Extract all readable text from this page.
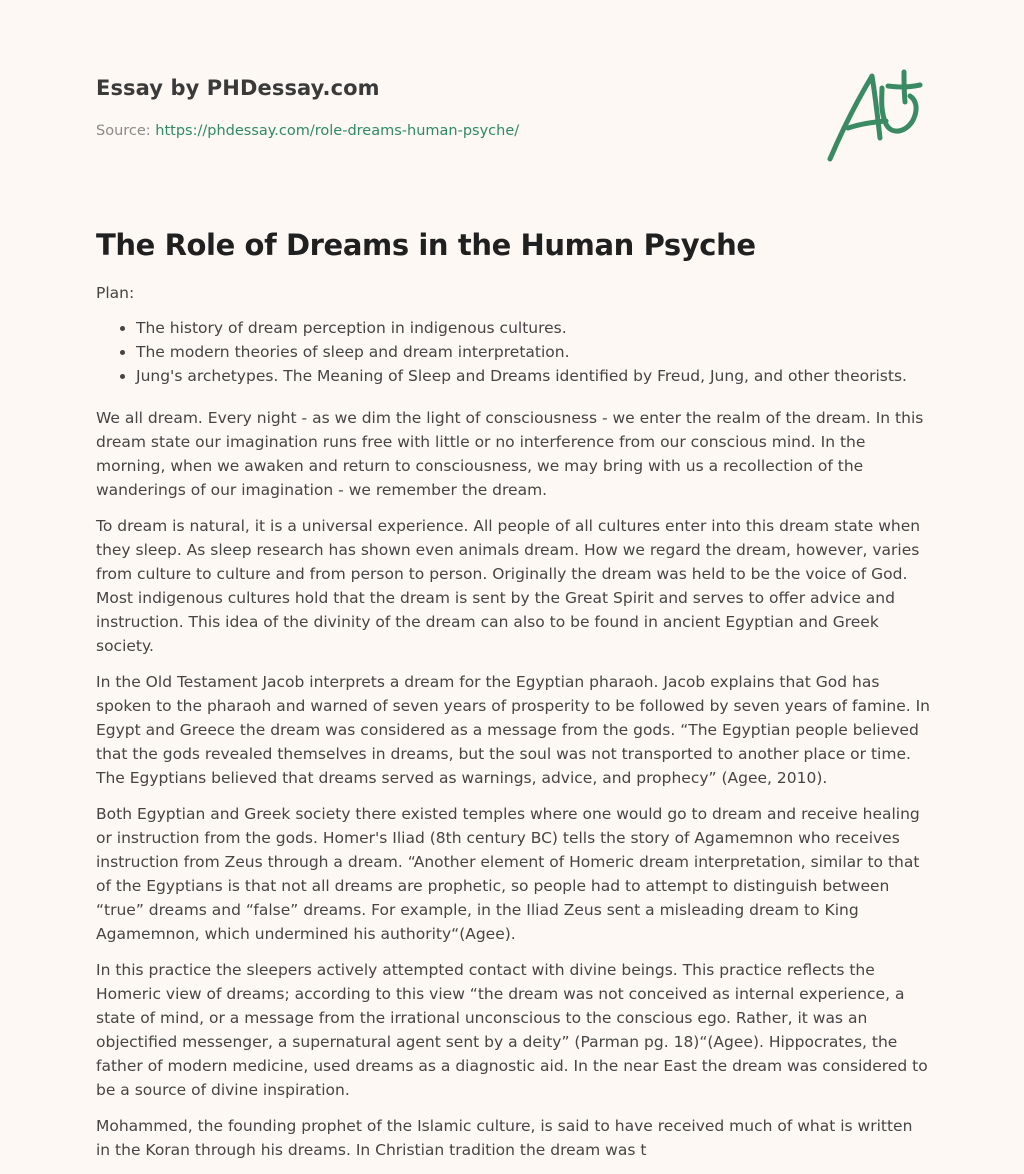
Essay by PHDessay.com
Source: https://phdessay.com/role-dreams-human-psyche/
The Role of Dreams in the Human Psyche
Plan:
• The history of dream perception in indigenous cultures.
• The modern theories of sleep and dream interpretation.
• Jung's archetypes. The Meaning of Sleep and Dreams identified by Freud, Jung, and other theorists.

We all dream. Every night - as we dim the light of consciousness - we enter the realm of the dream. In this dream state our imagination runs free with little or no interference from our conscious mind. In the morning, when we awaken and return to consciousness, we may bring with us a recollection of the wanderings of our imagination - we remember the dream.

To dream is natural, it is a universal experience. All people of all cultures enter into this dream state when they sleep. As sleep research has shown even animals dream. How we regard the dream, however, varies from culture to culture and from person to person. Originally the dream was held to be the voice of God. Most indigenous cultures hold that the dream is sent by the Great Spirit and serves to offer advice and instruction. This idea of the divinity of the dream can also to be found in ancient Egyptian and Greek society.

In the Old Testament Jacob interprets a dream for the Egyptian pharaoh. Jacob explains that God has spoken to the pharaoh and warned of seven years of prosperity to be followed by seven years of famine. In Egypt and Greece the dream was considered as a message from the gods. “The Egyptian people believed that the gods revealed themselves in dreams, but the soul was not transported to another place or time. The Egyptians believed that dreams served as warnings, advice, and prophecy” (Agee, 2010).

Both Egyptian and Greek society there existed temples where one would go to dream and receive healing or instruction from the gods. Homer's Iliad (8th century BC) tells the story of Agamemnon who receives instruction from Zeus through a dream. “Another element of Homeric dream interpretation, similar to that of the Egyptians is that not all dreams are prophetic, so people had to attempt to distinguish between “true” dreams and “false” dreams. For example, in the Iliad Zeus sent a misleading dream to King Agamemnon, which undermined his authority“(Agee).

In this practice the sleepers actively attempted contact with divine beings. This practice reflects the Homeric view of dreams; according to this view “the dream was not conceived as internal experience, a state of mind, or a message from the irrational unconscious to the conscious ego. Rather, it was an objectified messenger, a supernatural agent sent by a deity” (Parman pg. 18)“(Agee). Hippocrates, the father of modern medicine, used dreams as a diagnostic aid. In the near East the dream was considered to be a source of divine inspiration.

Mohammed, the founding prophet of the Islamic culture, is said to have received much of what is written in the Koran through his dreams. In Christian tradition the dream was t
